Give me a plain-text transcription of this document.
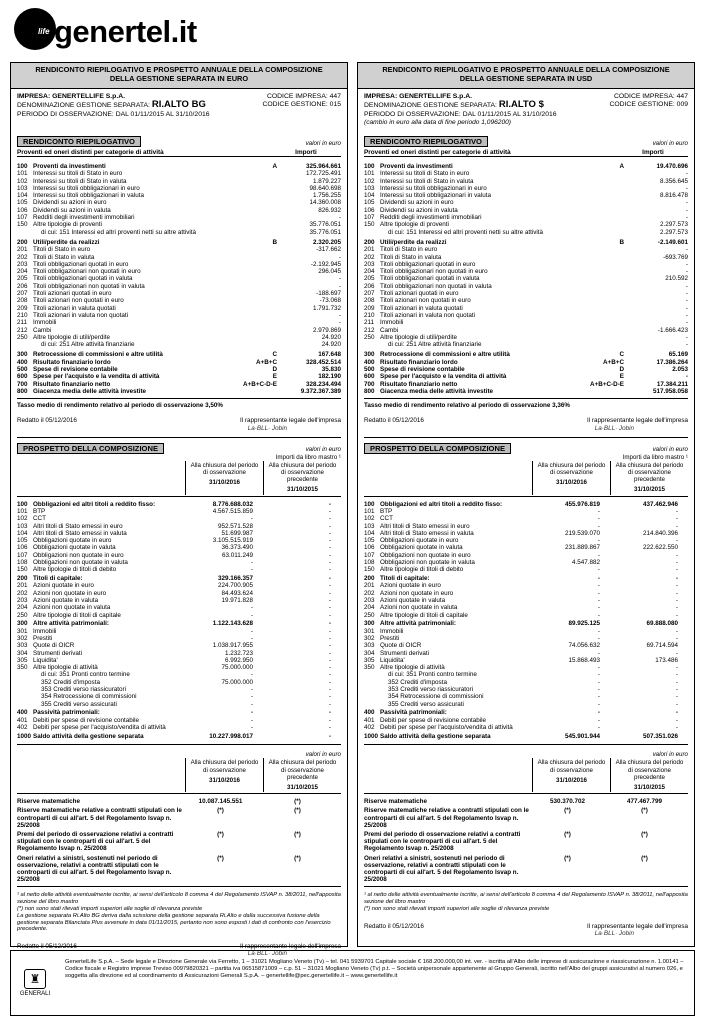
life genertel.it
RENDICONTO RIEPILOGATIVO E PROSPETTO ANNUALE DELLA COMPOSIZIONE
DELLA GESTIONE SEPARATA IN EURO
IMPRESA: GENERTELLIFE S.p.A.	CODICE IMPRESA: 447
DENOMINAZIONE GESTIONE SEPARATA: RI.ALTO BG	CODICE GESTIONE: 015
PERIODO DI OSSERVAZIONE: DAL 01/11/2015 AL 31/10/2016
RENDICONTO RIEPILOGATIVO	valori in euro
Proventi ed oneri distinti per categorie di attività	Importi
100 Proventi da investimenti	A	325.964.661
101 Interessi su titoli di Stato in euro	172.725.491
102 Interessi su titoli di Stato in valuta	1.879.227
103 Interessi su titoli obbligazionari in euro	98.640.698
104 Interessi su titoli obbligazionari in valuta	1.756.255
105 Dividendi su azioni in euro	14.360.008
106 Dividendi su azioni in valuta	826.932
107 Redditi degli investimenti immobiliari	-
150 Altre tipologie di proventi	35.776.051
di cui: 151 Interessi ed altri proventi netti su altre attività	35.776.051
200 Utili/perdite da realizzi	B	2.320.205
201 Titoli di Stato in euro	-317.662
202 Titoli di Stato in valuta	-
203 Titoli obbligazionari quotati in euro	-2.192.945
204 Titoli obbligazionari non quotati in euro	296.045
205 Titoli obbligazionari quotati in valuta	-
206 Titoli obbligazionari non quotati in valuta	-
207 Titoli azionari quotati in euro	-188.697
208 Titoli azionari non quotati in euro	-73.068
209 Titoli azionari in valuta quotati	1.791.732
210 Titoli azionari in valuta non quotati	-
211 Immobili	-
212 Cambi	2.979.869
250 Altre tipologie di utili/perdite	24.920
di cui: 251 Altre attività finanziarie	24.920
300 Retrocessione di commissioni e altre utilità	C	167.648
400 Risultato finanziario lordo	A+B+C	328.452.514
500 Spese di revisione contabile	D	35.830
600 Spese per l'acquisto e la vendita di attività	E	182.190
700 Risultato finanziario netto	A+B+C-D-E	328.234.494
800 Giacenza media delle attività investite	9.372.367.389
Tasso medio di rendimento relativo al periodo di osservazione 3,50%
Redatto il 05/12/2016	Il rappresentante legale dell'impresa
La·BLL· Jobin
PROSPETTO DELLA COMPOSIZIONE	valori in euro
Importi da libro mastro ¹
Alla chiusura del periodo di osservazione
31/10/2016
Alla chiusura del periodo di osservazione precedente
31/10/2015
100 Obbligazioni ed altri titoli a reddito fisso:	8.776.688.032	-
101 BTP	4.567.515.859	-
102 CCT	-	-
103 Altri titoli di Stato emessi in euro	952.571.528	-
104 Altri titoli di Stato emessi in valuta	51.699.987	-
105 Obbligazioni quotate in euro	3.105.515.919	-
106 Obbligazioni quotate in valuta	36.373.490	-
107 Obbligazioni non quotate in euro	63.011.249	-
108 Obbligazioni non quotate in valuta	-	-
150 Altre tipologie di titoli di debito	-	-
200 Titoli di capitale:	329.166.357	-
201 Azioni quotate in euro	224.700.905	-
202 Azioni non quotate in euro	84.493.624	-
203 Azioni quotate in valuta	19.971.828	-
204 Azioni non quotate in valuta	-	-
250 Altre tipologie di titoli di capitale	-	-
300 Altre attività patrimoniali:	1.122.143.628	-
301 Immobili	-	-
302 Prestiti	-	-
303 Quote di OICR	1.038.917.955	-
304 Strumenti derivati	1.232.723	-
305 Liquidita'	6.992.950	-
350 Altre tipologie di attività	75.000.000	-
di cui: 351 Pronti contro termine	-	-
352 Crediti d'imposta	75.000.000	-
353 Crediti verso riassicuratori	-	-
354 Retrocessione di commissioni	-	-
355 Crediti verso assicurati	-	-
400 Passività patrimoniali:	-	-
401 Debiti per spese di revisione contabile	-	-
402 Debiti per spese per l'acquisto/vendita di attività	-	-
1000 Saldo attività della gestione separata	10.227.998.017	-
valori in euro
Alla chiusura del periodo di osservazione
31/10/2016
Alla chiusura del periodo di osservazione precedente
31/10/2015
Riserve matematiche	10.087.145.551	(*)
Riserve matematiche relative a contratti stipulati con le controparti di cui all'art. 5 del Regolamento Isvap n. 25/2008
(*)	(*)
Premi del periodo di osservazione relativi a contratti stipulati con le controparti di cui all'art. 5 del Regolamento Isvap n. 25/2008
(*)	(*)
Oneri relativi a sinistri, sostenuti nel periodo di osservazione, relativi a contratti stipulati con le controparti di cui all'art. 5 del Regolamento Isvap n. 25/2008
(*)	(*)
¹ al netto delle attività eventualmente iscritte, ai sensi dell'articolo 8 comma 4 del Regolamento ISVAP n. 38/2011, nell'apposita sezione del libro mastro
(*) non sono stati rilevati importi superiori alle soglie di rilevanza previste
La gestione separata Ri.Alto BG deriva dalla scissione della gestione separata Ri.Alto e dalla successiva fusione della gestione separata Bilanciata Plus avvenute in data 01/11/2015, pertanto non sono esposti i dati di confronto con l'esercizio precedente.
Redatto il 05/12/2016	Il rappresentante legale dell'impresa
La·BLL· Jobin
RENDICONTO RIEPILOGATIVO E PROSPETTO ANNUALE DELLA COMPOSIZIONE
DELLA GESTIONE SEPARATA IN USD
IMPRESA: GENERTELLIFE S.p.A.	CODICE IMPRESA: 447
DENOMINAZIONE GESTIONE SEPARATA: RI.ALTO $	CODICE GESTIONE: 009
PERIODO DI OSSERVAZIONE: DAL 01/11/2015 AL 31/10/2016
(cambio in euro alla data di fine periodo 1,096200)
RENDICONTO RIEPILOGATIVO	valori in euro
Proventi ed oneri distinti per categorie di attività	Importi
100 Proventi da investimenti	A	19.470.696
101 Interessi su titoli di Stato in euro	-
102 Interessi su titoli di Stato in valuta	8.356.645
103 Interessi su titoli obbligazionari in euro	-
104 Interessi su titoli obbligazionari in valuta	8.816.478
105 Dividendi su azioni in euro	-
106 Dividendi su azioni in valuta	-
107 Redditi degli investimenti immobiliari	-
150 Altre tipologie di proventi	2.297.573
di cui: 151 Interessi ed altri proventi netti su altre attività	2.297.573
200 Utili/perdite da realizzi	B	-2.149.601
201 Titoli di Stato in euro	-
202 Titoli di Stato in valuta	-693.769
203 Titoli obbligazionari quotati in euro	-
204 Titoli obbligazionari non quotati in euro	-
205 Titoli obbligazionari quotati in valuta	210.592
206 Titoli obbligazionari non quotati in valuta	-
207 Titoli azionari quotati in euro	-
208 Titoli azionari non quotati in euro	-
209 Titoli azionari in valuta quotati	-
210 Titoli azionari in valuta non quotati	-
211 Immobili	-
212 Cambi	-1.666.423
250 Altre tipologie di utili/perdite	-
di cui: 251 Altre attività finanziarie	-
300 Retrocessione di commissioni e altre utilità	C	65.169
400 Risultato finanziario lordo	A+B+C	17.386.264
500 Spese di revisione contabile	D	2.053
600 Spese per l'acquisto e la vendita di attività	E	-
700 Risultato finanziario netto	A+B+C-D-E	17.384.211
800 Giacenza media delle attività investite	517.958.058
Tasso medio di rendimento relativo al periodo di osservazione 3,36%
Redatto il 05/12/2016	Il rappresentante legale dell'impresa
La·BLL· Jobin
PROSPETTO DELLA COMPOSIZIONE	valori in euro
Importi da libro mastro ¹
Alla chiusura del periodo di osservazione
31/10/2016
Alla chiusura del periodo di osservazione precedente
31/10/2015
100 Obbligazioni ed altri titoli a reddito fisso:	455.976.819	437.462.946
101 BTP	-	-
102 CCT	-	-
103 Altri titoli di Stato emessi in euro	-	-
104 Altri titoli di Stato emessi in valuta	219.539.070	214.840.396
105 Obbligazioni quotate in euro	-	-
106 Obbligazioni quotate in valuta	231.889.867	222.622.550
107 Obbligazioni non quotate in euro	-	-
108 Obbligazioni non quotate in valuta	4.547.882	-
150 Altre tipologie di titoli di debito	-	-
200 Titoli di capitale:	-	-
201 Azioni quotate in euro	-	-
202 Azioni non quotate in euro	-	-
203 Azioni quotate in valuta	-	-
204 Azioni non quotate in valuta	-	-
250 Altre tipologie di titoli di capitale	-	-
300 Altre attività patrimoniali:	89.925.125	69.888.080
301 Immobili	-	-
302 Prestiti	-	-
303 Quote di OICR	74.056.632	69.714.594
304 Strumenti derivati	-	-
305 Liquidita'	15.868.493	173.486
350 Altre tipologie di attività	-	-
di cui: 351 Pronti contro termine	-	-
352 Crediti d'imposta	-	-
353 Crediti verso riassicuratori	-	-
354 Retrocessione di commissioni	-	-
355 Crediti verso assicurati	-	-
400 Passività patrimoniali:	-	-
401 Debiti per spese di revisione contabile	-	-
402 Debiti per spese per l'acquisto/vendita di attività	-	-
1000 Saldo attività della gestione separata	545.901.944	507.351.026
valori in euro
Alla chiusura del periodo di osservazione
31/10/2016
Alla chiusura del periodo di osservazione precedente
31/10/2015
Riserve matematiche	530.370.702	477.467.799
Riserve matematiche relative a contratti stipulati con le controparti di cui all'art. 5 del Regolamento Isvap n. 25/2008
(*)	(*)
Premi del periodo di osservazione relativi a contratti stipulati con le controparti di cui all'art. 5 del Regolamento Isvap n. 25/2008
(*)	(*)
Oneri relativi a sinistri, sostenuti nel periodo di osservazione, relativi a contratti stipulati con le controparti di cui all'art. 5 del Regolamento Isvap n. 25/2008
(*)	(*)
¹ al netto delle attività eventualmente iscritte, ai sensi dell'articolo 8 comma 4 del Regolamento ISVAP n. 38/2011, nell'apposita sezione del libro mastro
(*) non sono stati rilevati importi superiori alle soglie di rilevanza previste
Redatto il 05/12/2016	Il rappresentante legale dell'impresa
La·BLL· Jobin
♜
GENERALI
GenertelLife S.p.A. – Sede legale e Direzione Generale via Ferretto, 1 – 31021 Mogliano Veneto (Tv) – tel. 041 5939701 Capitale sociale € 168.200.000,00 int. ver. - iscritta all'Albo delle imprese di assicurazione e riassicurazione n. 1.00141 – Codice fiscale e Registro imprese Treviso 00979820321 – partita iva 06515871009 – c.p. 51 – 31021 Mogliano Veneto (Tv) p.t. – Società unipersonale appartenente al Gruppo Generali, iscritto nell'Albo dei gruppi assicurativi al numero 026, e soggetta alla direzione ed al coordinamento di Assicurazioni Generali S.p.A. – genertellife@pec.genertellife.it – www.genertellife.it
